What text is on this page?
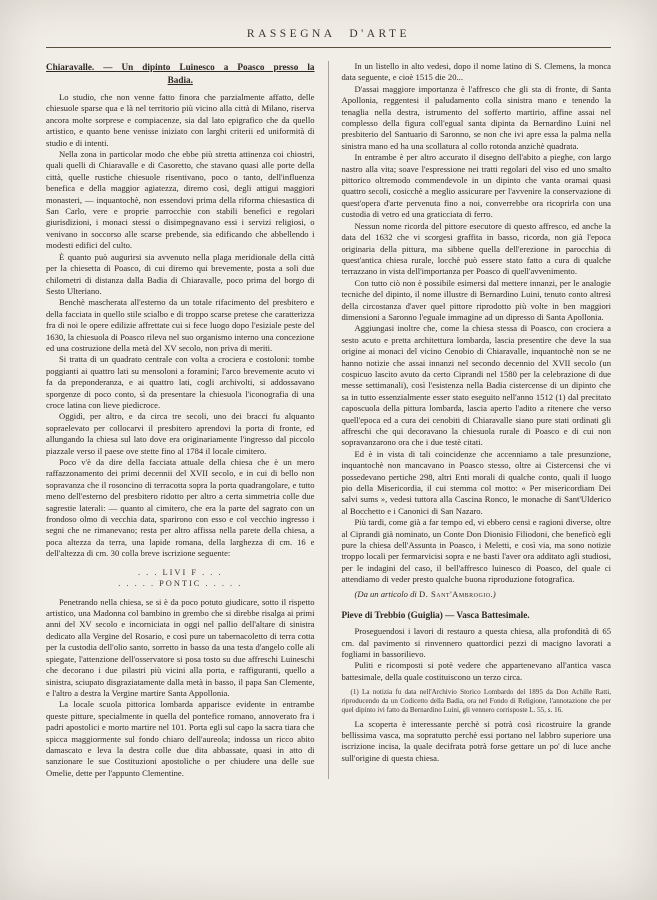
RASSEGNA D'ARTE
Chiaravalle. — Un dipinto Luinesco a Poasco presso la
Badia.

Lo studio, che non venne fatto finora che parzialmente affatto, delle chiesuole sparse qua e là nel territorio più vicino alla città di Milano, riserva ancora molte sorprese e compiacenze, sia dal lato epigrafico che da quello artistico, e quanto bene venisse iniziato con larghi criterii ed uniformità di studio e di intenti.

Nella zona in particolar modo che ebbe più stretta attinenza coi chiostri, quali quelli di Chiaravalle e di Casoretto, che stavano quasi alle porte della città, quelle rustiche chiesuole risentivano, poco o tanto, dell'influenza benefica e della maggior agiatezza, diremo così, degli attigui maggiori monasteri, — inquantochè, non essendovi prima della riforma chiesastica di San Carlo, vere e proprie parrocchie con stabili benefici e regolari giurisdizioni, i monaci stessi o disimpegnavano essi i servizi religiosi, o venivano in soccorso alle scarse prebende, sia edificando che abbellendo i modesti edifici del culto.

È quanto può augurirsi sia avvenuto nella plaga meridionale della città per la chiesetta di Poasco, di cui diremo qui brevemente, posta a soli due chilometri di distanza dalla Badia di Chiaravalle, poco prima del borgo di Sesto Ulteriano.

Benchè mascherata all'esterno da un totale rifacimento del presbitero e della facciata in quello stile scialbo e di troppo scarse pretese che caratterizza fra di noi le opere edilizie affrettate cui si fece luogo dopo l'esiziale peste del 1630, la chiesuola di Poasco rileva nel suo organismo interno una concezione ed una costruzione della metà del XV secolo, non priva di meriti.

Si tratta di un quadrato centrale con volta a crociera e costoloni: tombe poggianti ai quattro lati su mensoloni a foramini; l'arco brevemente acuto vi fa da preponderanza, e ai quattro lati, cogli archivolti, si addossavano sporgenze di poco conto, sì da presentare la chiesuola l'iconografia di una croce latina con lieve piedicroce.

Oggidì, per altro, e da circa tre secoli, uno dei bracci fu alquanto sopraelevato per collocarvi il presbitero aprendovi la porta di fronte, ed allungando la chiesa sul lato dove era originariamente l'ingresso dal piccolo piazzale verso il paese ove stette fino al 1784 il locale cimitero.

Poco v'è da dire della facciata attuale della chiesa che è un mero raffazzonamento dei primi decennii del XVII secolo, e in cui di bello non sopravanza che il rosoncino di terracotta sopra la porta quadrangolare, e tutto meno dell'esterno del presbitero ridotto per altro a certa simmetria colle due sagrestie laterali: — quanto al cimitero, che era la parte del sagrato con un frondoso olmo di vecchia data, sparirono con esso e col vecchio ingresso i segni che ne rimanevano; resta per altro affissa nella parete della chiesa, a poca altezza da terra, una lapide romana, della larghezza di cm. 16 e dell'altezza di cm. 30 colla breve iscrizione seguente:

. . . LIVI F . . .
. . . . . PONTIC . . . . .

Penetrando nella chiesa, se si è da poco potuto giudicare, sotto il rispetto artistico, una Madonna col bambino in grembo che si direbbe risalga ai primi anni del XV secolo e incorniciata in oggi nel pallio dell'altare di sinistra dedicato alla Vergine del Rosario, e così pure un tabernacoletto di terra cotta per la custodia dell'olio santo, sorretto in basso da una testa d'angelo colle ali spiegate, l'attenzione dell'osservatore si posa tosto su due affreschi Luineschi che decorano i due pilastri più vicini alla porta, e raffiguranti, quello a sinistra, sciupato disgraziatamente dalla metà in basso, il papa San Clemente, e l'altro a destra la Vergine martire Santa Appollonia.

La locale scuola pittorica lombarda apparisce evidente in entrambe queste pitture, specialmente in quella del pontefice romano, annoverato fra i padri apostolici e morto martire nel 101. Porta egli sul capo la sacra tiara che spicca maggiormente sul fondo chiaro dell'aureola; indossa un ricco abito damascato e leva la destra colle due dita abbassate, quasi in atto di sanzionare le sue Costituzioni apostoliche o per chiudere una delle sue Omelie, dette per l'appunto Clementine.

In un listello in alto vedesi, dopo il nome latino di S. Clemens, la monca data seguente, e cioè 1515 die 20...

D'assai maggiore importanza è l'affresco che gli sta di fronte, di Santa Apollonia, reggentesi il paludamento colla sinistra mano e tenendo la tenaglia nella destra, istrumento del sofferto martirio, affine assai nel complesso della figura coll'egual santa dipinta da Bernardino Luini nel presbiterio del Santuario di Saronno, se non che ivi apre essa la palma nella sinistra mano ed ha una scollatura al collo rotonda anzichè quadrata.

In entrambe è per altro accurato il disegno dell'abito a pieghe, con largo nastro alla vita; soave l'espressione nei tratti regolari del viso ed uno smalto pittorico oltremodo commendevole in un dipinto che vanta oramai quasi quattro secoli, cosicchè a meglio assicurare per l'avvenire la conservazione di quest'opera d'arte pervenuta fino a noi, converrebbe ora ricoprirla con una custodia di vetro ed una graticciata di ferro.

Nessun nome ricorda del pittore esecutore di questo affresco, ed anche la data del 1632 che vi scorgesi graffita in basso, ricorda, non già l'epoca originaria della pittura, ma sibbene quella dell'erezione in parocchia di quest'antica chiesa rurale, locchè può essere stato fatto a cura di qualche terrazzano in vista dell'importanza per Poasco di quell'avvenimento.

Con tutto ciò non è possibile esimersi dal mettere innanzi, per le analogie tecniche del dipinto, il nome illustre di Bernardino Luini, tenuto conto altresì della circostanza d'aver quel pittore riprodotto più volte in ben maggiori dimensioni a Saronno l'eguale immagine ad un dipresso di Santa Apollonia.

Aggiungasi inoltre che, come la chiesa stessa di Poasco, con crociera a sesto acuto e pretta architettura lombarda, lascia presentire che deve la sua origine ai monaci del vicino Cenobio di Chiaravalle, inquantochè non se ne hanno notizie che assai innanzi nel secondo decennio del XVII secolo (un cospicuo lascito avuto da certo Ciprandi nel 1580 per la celebrazione di due messe settimanali), così l'esistenza nella Badia cistercense di un dipinto che sa in tutto essenzialmente esser stato eseguito nell'anno 1512 (1) dal precitato caposcuola della pittura lombarda, lascia aperto l'adito a ritenere che verso quell'epoca ed a cura dei cenobiti di Chiaravalle siano pure stati ordinati gli affreschi che qui decoravano la chiesuola rurale di Poasco e di cui non sopravanzarono ora che i due testè citati.

Ed è in vista di tali coincidenze che accenniamo a tale presunzione, inquantochè non mancavano in Poasco stesso, oltre ai Cistercensi che vi possedevano pertiche 298, altri Enti morali di qualche conto, quali il luogo pio della Misericordia, il cui stemma col motto: « Per misericordiam Dei salvi sums », vedesi tuttora alla Cascina Ronco, le monache di Sant'Ulderico al Bocchetto e i Canonici di San Nazaro.

Più tardi, come già a far tempo ed, vi ebbero censi e ragioni diverse, oltre al Ciprandi già nominato, un Conte Don Dionisio Filiodoni, che beneficò egli pure la chiesa dell'Assunta in Poasco, i Meletti, e così via, ma sono notizie troppo locali per fermarvicisi sopra e ne basti l'aver ora additato agli studiosi, per le indagini del caso, il bell'affresco luinesco di Poasco, del quale ci attendiamo di veder presto qualche buona riproduzione fotografica.

(Da un articolo di D. Sant'Ambrogio.)

Pieve di Trebbio (Guiglia) — Vasca Battesimale.

Proseguendosi i lavori di restauro a questa chiesa, alla profondità di 65 cm. dal pavimento si rinvennero quattordici pezzi di macigno lavorati a fogliami in bassorilievo.

Puliti e ricomposti si potè vedere che appartenevano all'antica vasca battesimale, della quale costituiscono un terzo circa.

(1) La notizia fu data nell'Archivio Storico Lombardo del 1895 da Don Achille Ratti, riproducendo da un Codicetto della Badia, ora nel Fondo di Religione, l'annotazione che per quel dipinto ivi fatto da Bernardino Luini, gli vennero corrisposte L. 55, s. 16.

La scoperta è interessante perchè si potrà così ricostruire la grande bellissima vasca, ma sopratutto perchè essi portano nel labbro superiore una iscrizione incisa, la quale decifrata potrà forse gettare un po' di luce anche sull'origine di questa chiesa.
